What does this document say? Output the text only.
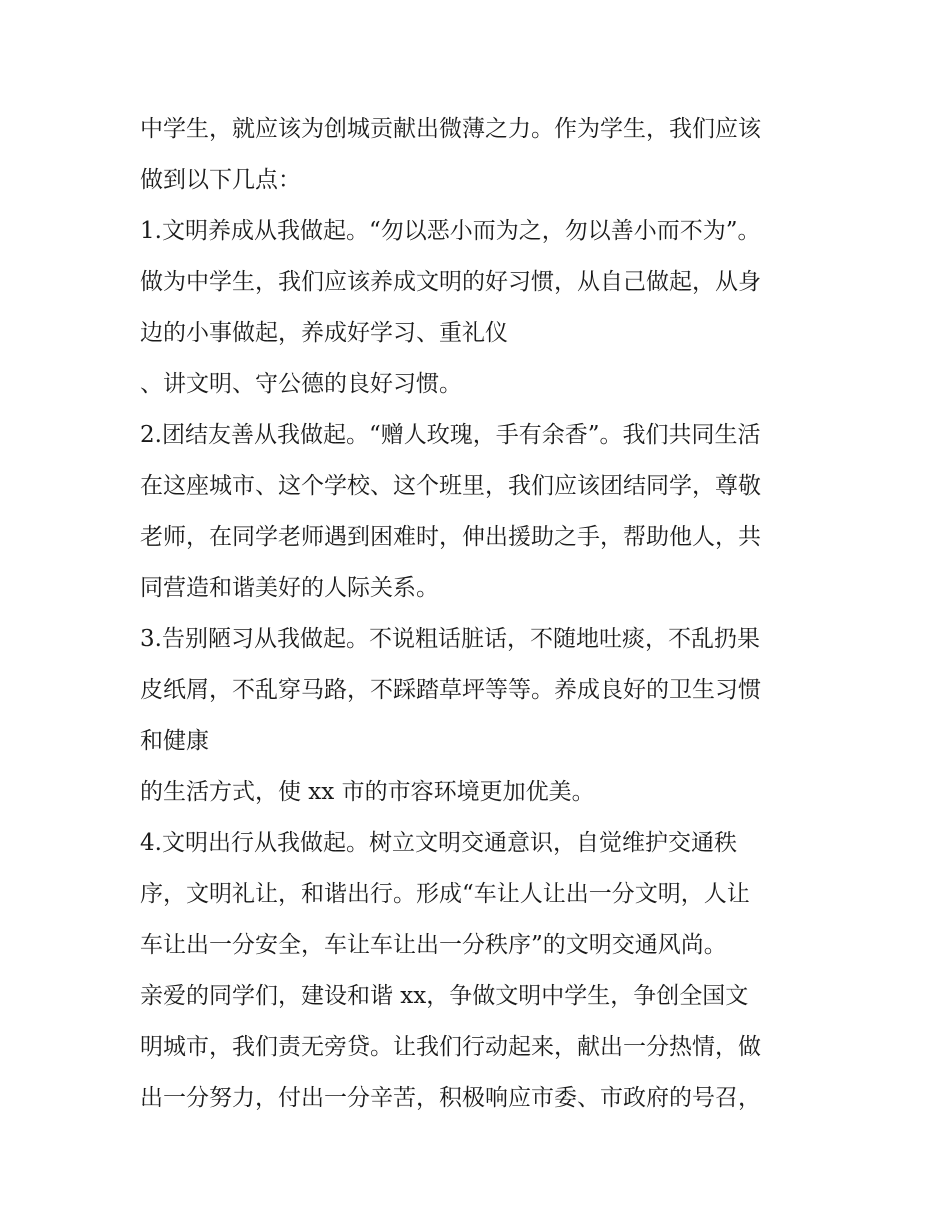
中学生，就应该为创城贡献出微薄之力。作为学生，我们应该
做到以下几点：
1.文明养成从我做起。“勿以恶小而为之，勿以善小而不为”。
做为中学生，我们应该养成文明的好习惯，从自己做起，从身
边的小事做起，养成好学习、重礼仪
、讲文明、守公德的良好习惯。
2.团结友善从我做起。“赠人玫瑰，手有余香”。我们共同生活
在这座城市、这个学校、这个班里，我们应该团结同学，尊敬
老师，在同学老师遇到困难时，伸出援助之手，帮助他人，共
同营造和谐美好的人际关系。
3.告别陋习从我做起。不说粗话脏话，不随地吐痰，不乱扔果
皮纸屑，不乱穿马路，不踩踏草坪等等。养成良好的卫生习惯
和健康
的生活方式，使 xx 市的市容环境更加优美。
4.文明出行从我做起。树立文明交通意识，自觉维护交通秩
序，文明礼让，和谐出行。形成“车让人让出一分文明，人让
车让出一分安全，车让车让出一分秩序”的文明交通风尚。
亲爱的同学们，建设和谐 xx，争做文明中学生，争创全国文
明城市，我们责无旁贷。让我们行动起来，献出一分热情，做
出一分努力，付出一分辛苦，积极响应市委、市政府的号召，
